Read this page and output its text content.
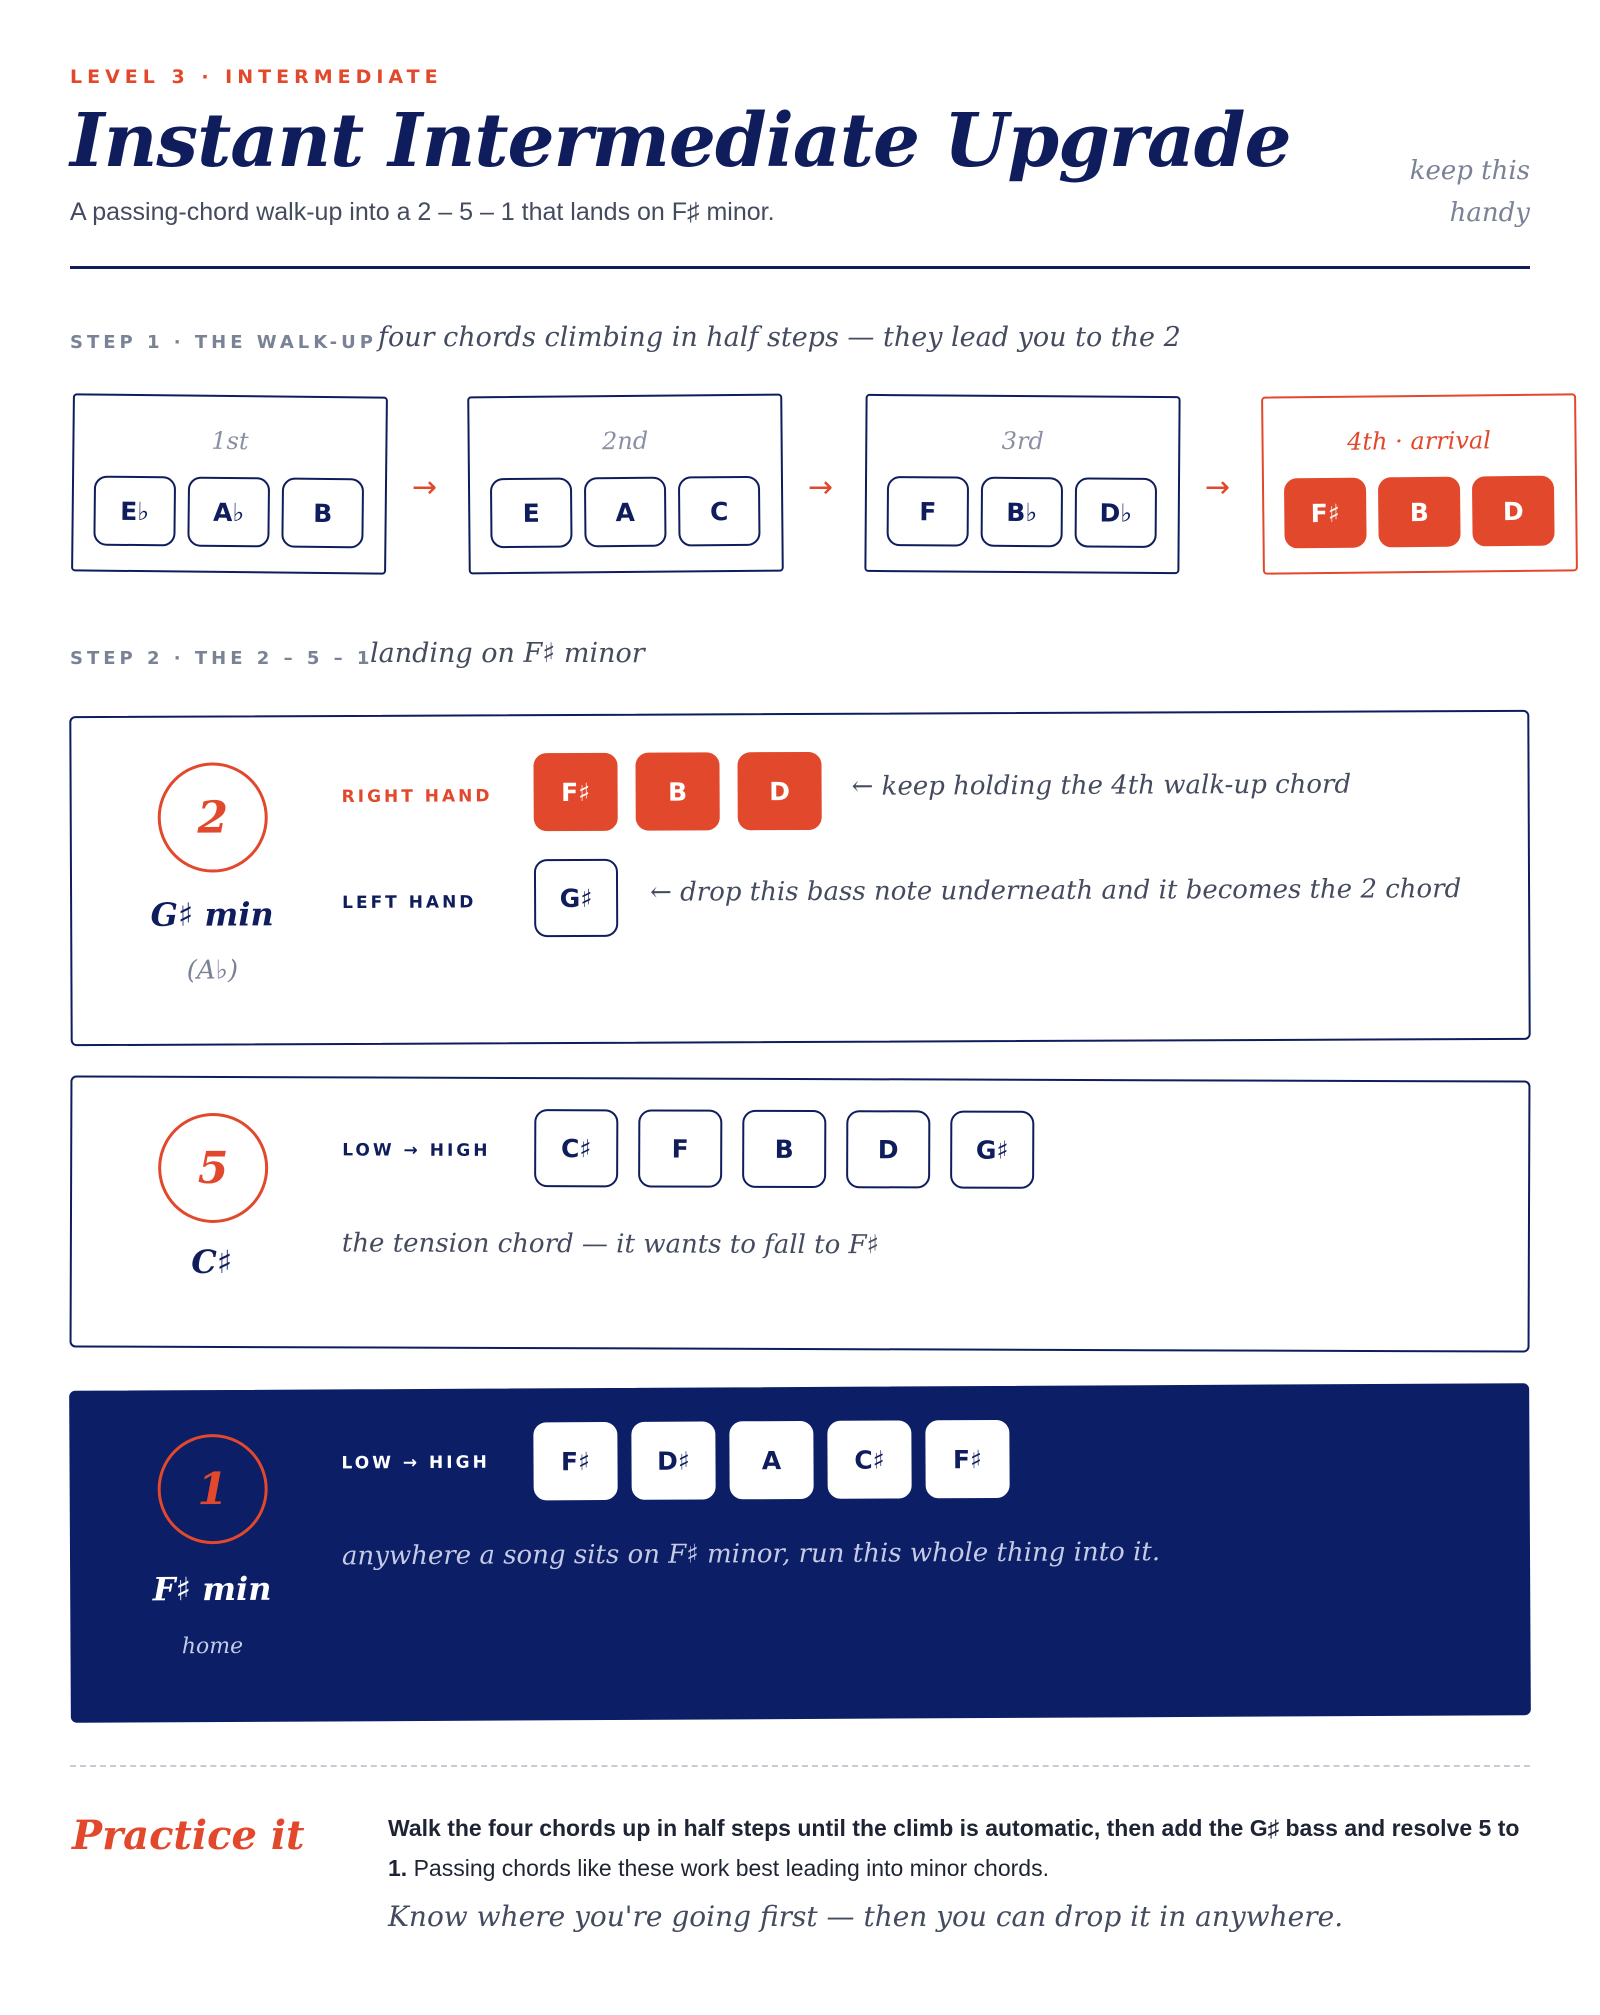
LEVEL 3 · INTERMEDIATE
Instant Intermediate Upgrade
A passing-chord walk-up into a 2 – 5 – 1 that lands on F♯ minor.
keep this
handy
STEP 1 · THE WALK-UP four chords climbing in half steps — they lead you to the 2
1st
E♭	A♭	B
→
2nd
E	A	C
→
3rd
F	B♭	D♭
→
4th · arrival
F♯	B	D
STEP 2 · THE 2 – 5 – 1
landing on F♯ minor
2
G♯ min
(A♭)
RIGHT HAND	F♯	B	D	← keep holding the 4th walk-up chord
LEFT HAND	G♯	← drop this bass note underneath and it becomes the 2 chord
5
C♯
LOW → HIGH	C♯	F	B	D	G♯
the tension chord — it wants to fall to F♯
1
F♯ min
home
LOW → HIGH	F♯	D♯	A	C♯	F♯
anywhere a song sits on F♯ minor, run this whole thing into it.
Practice it	Walk the four chords up in half steps until the climb is automatic, then add the G♯ bass and resolve 5 to 1. Passing chords like these work best leading into minor chords.
Know where you're going first — then you can drop it in anywhere.
